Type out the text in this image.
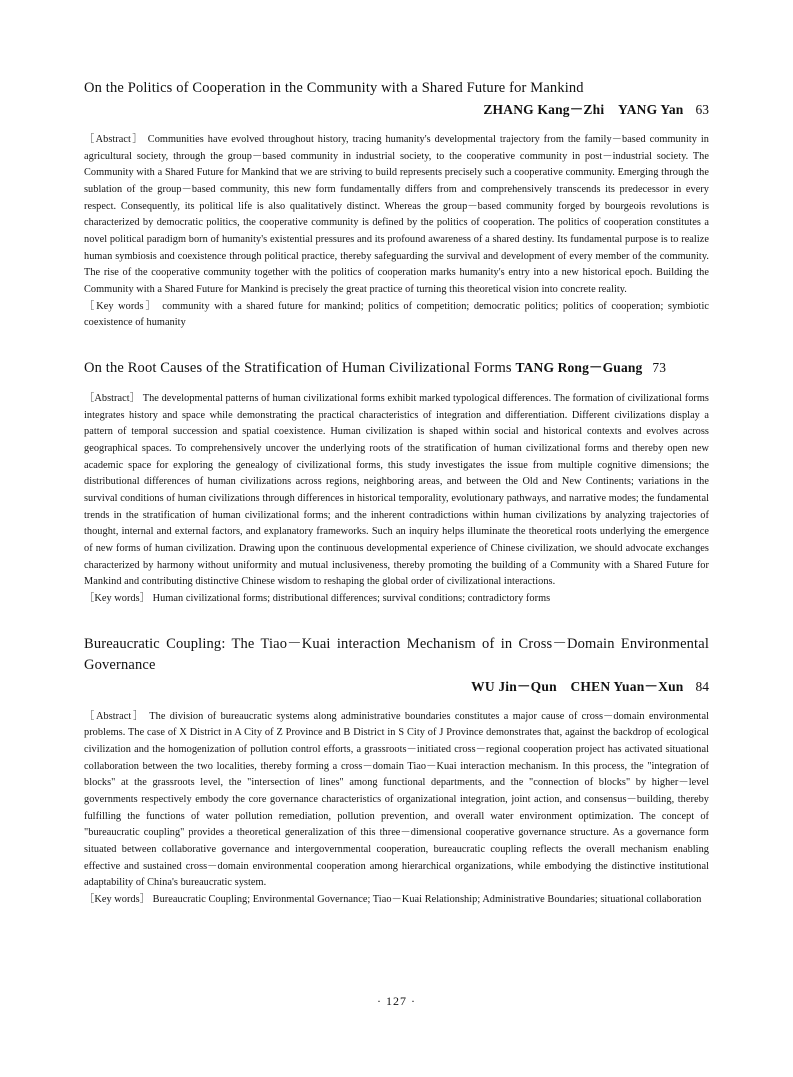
On the Politics of Cooperation in the Community with a Shared Future for Mankind
ZHANG Kang－Zhi　YANG Yan 63

［Abstract］ Communities have evolved throughout history, tracing humanity's developmental trajectory from the family－based community in agricultural society, through the group－based community in industrial society, to the cooperative community in post－industrial society. The Community with a Shared Future for Mankind that we are striving to build represents precisely such a cooperative community. Emerging through the sublation of the group－based community, this new form fundamentally differs from and comprehensively transcends its predecessor in every respect. Consequently, its political life is also qualitatively distinct. Whereas the group－based community forged by bourgeois revolutions is characterized by democratic politics, the cooperative community is defined by the politics of cooperation. The politics of cooperation constitutes a novel political paradigm born of humanity's existential pressures and its profound awareness of a shared destiny. Its fundamental purpose is to realize human symbiosis and coexistence through political practice, thereby safeguarding the survival and development of every member of the community. The rise of the cooperative community together with the politics of cooperation marks humanity's entry into a new historical epoch. Building the Community with a Shared Future for Mankind is precisely the great practice of turning this theoretical vision into concrete reality.

［Key words］ community with a shared future for mankind; politics of competition; democratic politics; politics of cooperation; symbiotic coexistence of humanity

On the Root Causes of the Stratification of Human Civilizational Forms TANG Rong－Guang 73

［Abstract］ The developmental patterns of human civilizational forms exhibit marked typological differences. The formation of civilizational forms integrates history and space while demonstrating the practical characteristics of integration and differentiation. Different civilizations display a pattern of temporal succession and spatial coexistence. Human civilization is shaped within social and historical contexts and evolves across geographical spaces. To comprehensively uncover the underlying roots of the stratification of human civilizational forms and thereby open new academic space for exploring the genealogy of civilizational forms, this study investigates the issue from multiple cognitive dimensions; the distributional differences of human civilizations across regions, neighboring areas, and between the Old and New Continents; variations in the survival conditions of human civilizations through differences in historical temporality, evolutionary pathways, and narrative modes; the fundamental trends in the stratification of human civilizational forms; and the inherent contradictions within human civilizations by analyzing trajectories of thought, internal and external factors, and explanatory frameworks. Such an inquiry helps illuminate the theoretical roots underlying the emergence of new forms of human civilization. Drawing upon the continuous developmental experience of Chinese civilization, we should advocate exchanges characterized by harmony without uniformity and mutual inclusiveness, thereby promoting the building of a Community with a Shared Future for Mankind and contributing distinctive Chinese wisdom to reshaping the global order of civilizational interactions.

［Key words］ Human civilizational forms; distributional differences; survival conditions; contradictory forms

Bureaucratic Coupling: The Tiao－Kuai interaction Mechanism of in Cross－Domain Environmental Governance
WU Jin－Qun　CHEN Yuan－Xun 84

［Abstract］ The division of bureaucratic systems along administrative boundaries constitutes a major cause of cross－domain environmental problems. The case of X District in A City of Z Province and B District in S City of J Province demonstrates that, against the backdrop of ecological civilization and the homogenization of pollution control efforts, a grassroots－initiated cross－regional cooperation project has activated situational collaboration between the two localities, thereby forming a cross－domain Tiao－Kuai interaction mechanism. In this process, the "integration of blocks" at the grassroots level, the "intersection of lines" among functional departments, and the "connection of blocks" by higher－level governments respectively embody the core governance characteristics of organizational integration, joint action, and consensus－building, thereby fulfilling the functions of water pollution remediation, pollution prevention, and overall water environment optimization. The concept of "bureaucratic coupling" provides a theoretical generalization of this three－dimensional cooperative governance structure. As a governance form situated between collaborative governance and intergovernmental cooperation, bureaucratic coupling reflects the overall mechanism enabling effective and sustained cross－domain environmental cooperation among hierarchical organizations, while embodying the distinctive institutional adaptability of China's bureaucratic system.

［Key words］ Bureaucratic Coupling; Environmental Governance; Tiao－Kuai Relationship; Administrative Boundaries; situational collaboration

· 127 ·
